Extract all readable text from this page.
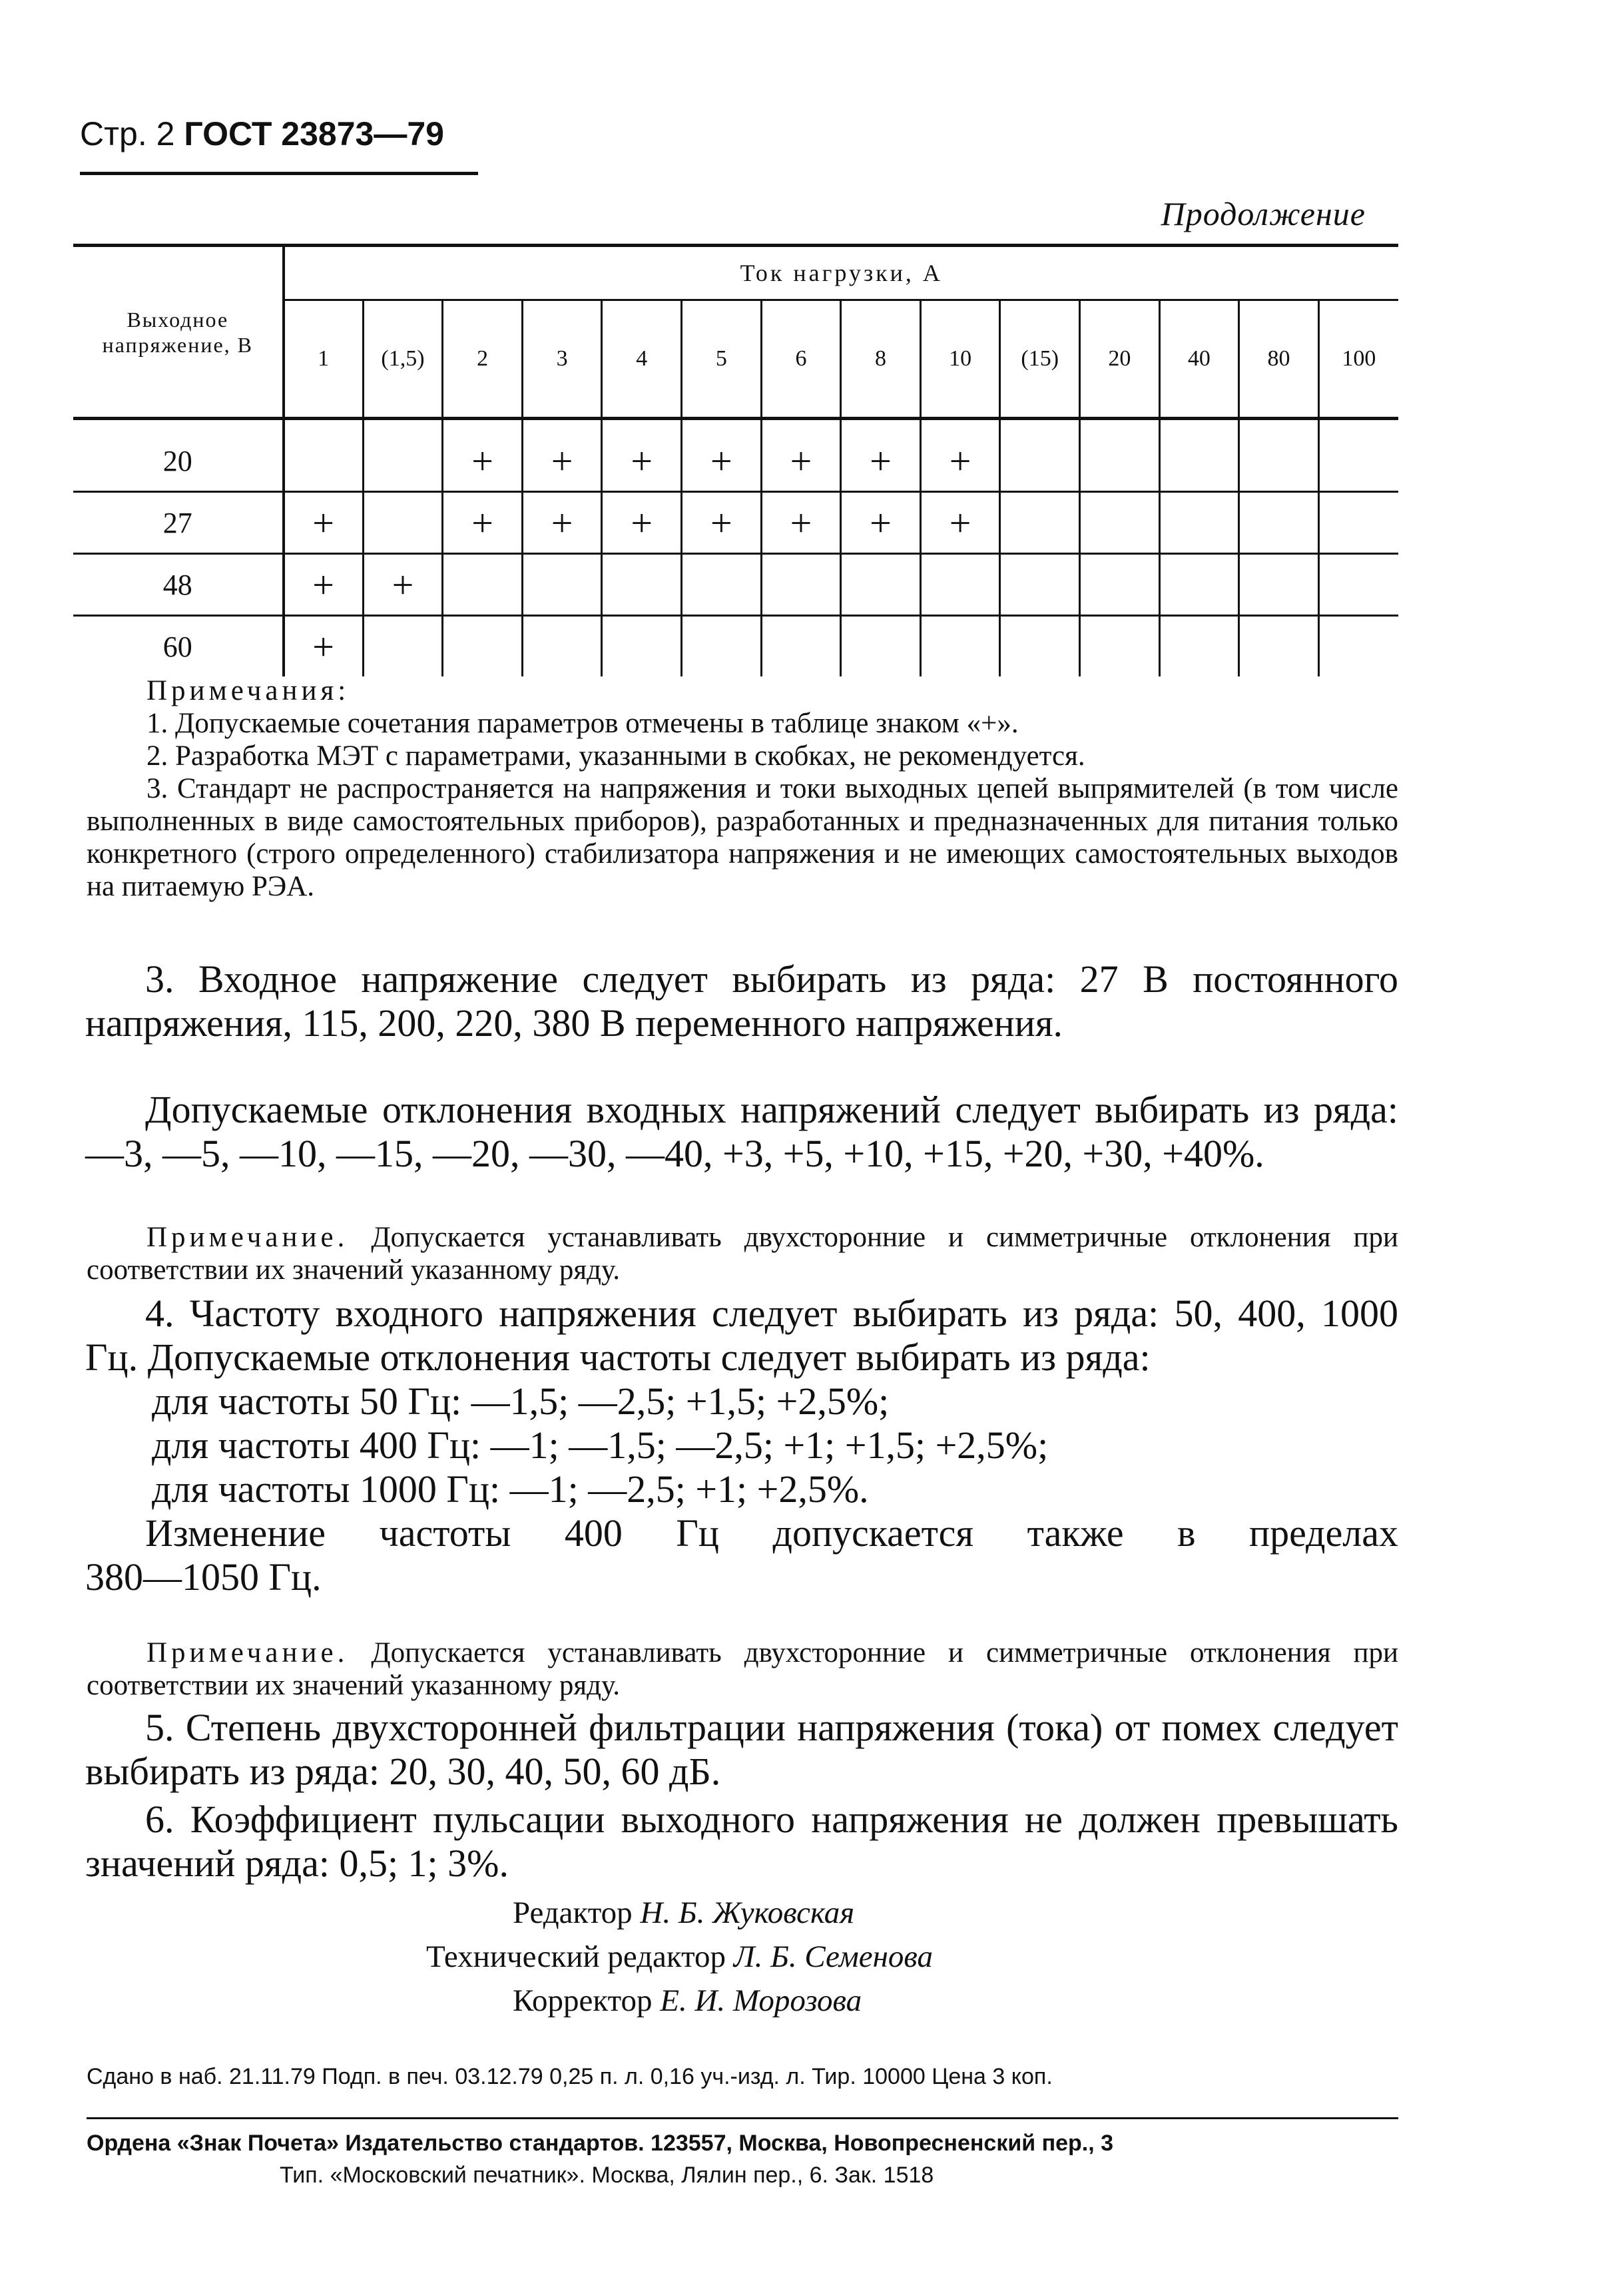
Стр. 2 ГОСТ 23873—79
Продолжение
Выходное напряжение, В	Ток нагрузки, А													
	1	(1,5)	2	3	4	5	6	8	10	(15)	20	40	80	100

20			+	+	+	+	+	+	+					
27	+		+	+	+	+	+	+	+					
48	+	+												
60	+													

Примечания:

1. Допускаемые сочетания параметров отмечены в таблице знаком «+».

2. Разработка МЭТ с параметрами, указанными в скобках, не рекомендуется.

3. Стандарт не распространяется на напряжения и токи выходных цепей выпрямителей (в том числе выполненных в виде самостоятельных приборов), разработанных и предназначенных для питания только конкретного (строго определенного) стабилизатора напряжения и не имеющих самостоятельных выходов на питаемую РЭА.

3. Входное напряжение следует выбирать из ряда: 27 В постоянного напряжения, 115, 200, 220, 380 В переменного напряжения.

Допускаемые отклонения входных напряжений следует выбирать из ряда: —3, —5, —10, —15, —20, —30, —40, +3, +5, +10, +15, +20, +30, +40%.

Примечание. Допускается устанавливать двухсторонние и симметричные отклонения при соответствии их значений указанному ряду.

4. Частоту входного напряжения следует выбирать из ряда: 50, 400, 1000 Гц. Допускаемые отклонения частоты следует выбирать из ряда:

для частоты 50 Гц: —1,5; —2,5; +1,5; +2,5%;

для частоты 400 Гц: —1; —1,5; —2,5; +1; +1,5; +2,5%;

для частоты 1000 Гц: —1; —2,5; +1; +2,5%.

Изменение частоты 400 Гц допускается также в пределах

380—1050 Гц.

Примечание. Допускается устанавливать двухсторонние и симметричные отклонения при соответствии их значений указанному ряду.

5. Степень двухсторонней фильтрации напряжения (тока) от помех следует выбирать из ряда: 20, 30, 40, 50, 60 дБ.

6. Коэффициент пульсации выходного напряжения не должен превышать значений ряда: 0,5; 1; 3%.

Редактор Н. Б. Жуковская
Технический редактор Л. Б. Семенова
Корректор Е. И. Морозова
Сдано в наб. 21.11.79 Подп. в печ. 03.12.79 0,25 п. л. 0,16 уч.-изд. л. Тир. 10000 Цена 3 коп.
Ордена «Знак Почета» Издательство стандартов. 123557, Москва, Новопресненский пер., 3
Тип. «Московский печатник». Москва, Лялин пер., 6. Зак. 1518
